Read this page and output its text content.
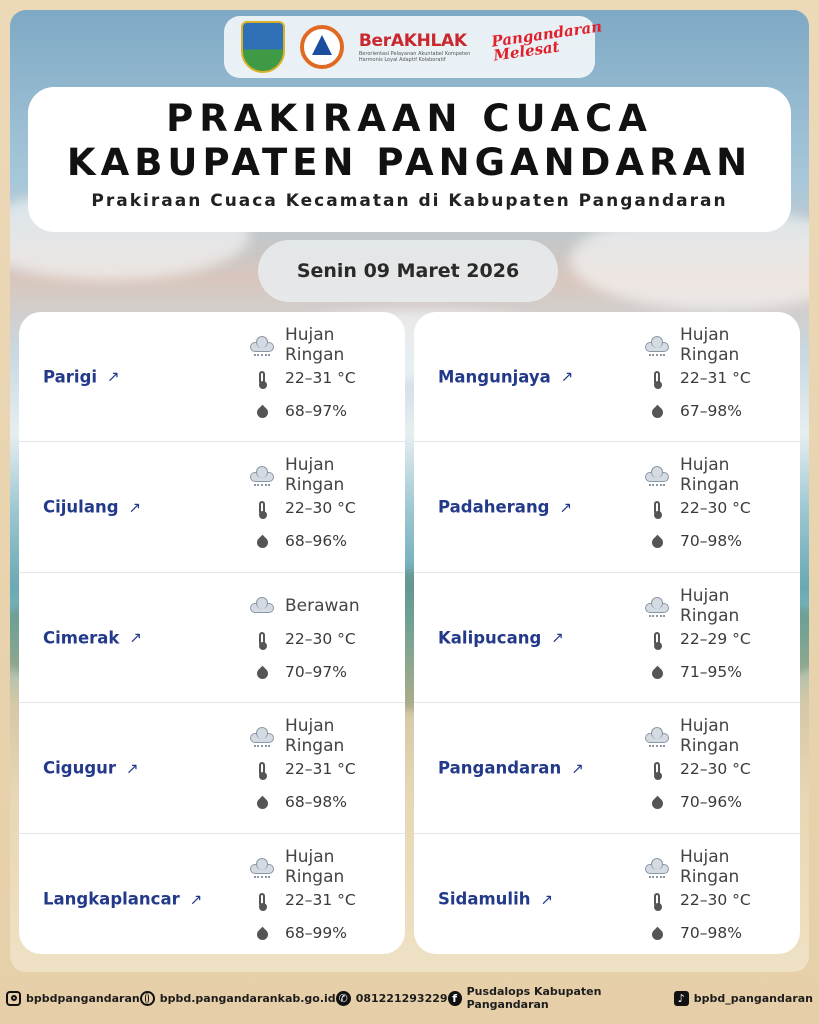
BerAKHLAK
Berorientasi Pelayanan Akuntabel Kompeten Harmonis Loyal Adaptif Kolaboratif
Pangandaran Melesat
PRAKIRAAN CUACA
KABUPATEN PANGANDARAN
Prakiraan Cuaca Kecamatan di Kabupaten Pangandaran
Senin 09 Maret 2026
Parigi ↗
Hujan Ringan
22–31 °C
68–97%
Cijulang ↗
Hujan Ringan
22–30 °C
68–96%
Cimerak ↗
Berawan
22–30 °C
70–97%
Cigugur ↗
Hujan Ringan
22–31 °C
68–98%
Langkaplancar ↗
Hujan Ringan
22–31 °C
68–99%
Mangunjaya ↗
Hujan Ringan
22–31 °C
67–98%
Padaherang ↗
Hujan Ringan
22–30 °C
70–98%
Kalipucang ↗
Hujan Ringan
22–29 °C
71–95%
Pangandaran ↗
Hujan Ringan
22–30 °C
70–96%
Sidamulih ↗
Hujan Ringan
22–30 °C
70–98%
bpbdpangandaran bpbd.pangandarankab.go.id ✆ 081221293229 f Pusdalops Kabupaten Pangandaran	♪ bpbd_pangandaran
